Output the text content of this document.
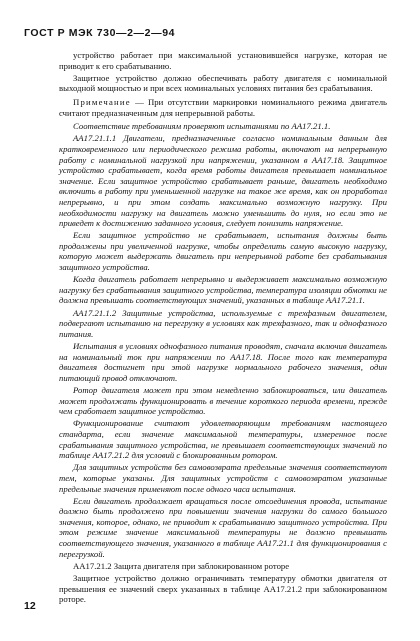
ГОСТ Р МЭК 730—2—2—94

устройство работает при максимальной установившейся нагрузке, которая не приводит к его срабатыванию.

Защитное устройство должно обеспечивать работу двигателя с номинальной выходной мощностью и при всех номинальных условиях питания без срабатывания.

Примечание — При отсутствии маркировки номинального режима двигатель считают предназначенным для непрерывной работы.

Соответствие требованиям проверяют испытаниями по АА17.21.1.

АА17.21.1.1 Двигатели, предназначенные согласно номинальным данным для кратковременного или периодического режима работы, включают на непрерывную работу с номинальной нагрузкой при напряжении, указанном в АА17.18. Защитное устройство срабатывает, когда время работы двигателя превышает номинальное значение. Если защитное устройство срабатывает раньше, двигатель необходимо включить в работу при уменьшенной нагрузке на такое же время, как он проработал непрерывно, и при этом создать максимально возможную нагрузку. При необходимости нагрузку на двигатель можно уменьшить до нуля, но если это не приведет к достижению заданного условия, следует понизить напряжение.

Если защитное устройство не срабатывает, испытания должны быть продолжены при увеличенной нагрузке, чтобы определить самую высокую нагрузку, которую может выдержать двигатель при непрерывной работе без срабатывания защитного устройства.

Когда двигатель работает непрерывно и выдерживает максимально возможную нагрузку без срабатывания защитного устройства, температура изоляции обмотки не должна превышать соответствующих значений, указанных в таблице АА17.21.1.

АА17.21.1.2 Защитные устройства, используемые с трехфазным двигателем, подвергают испытанию на перегрузку в условиях как трехфазного, так и однофазного питания.

Испытания в условиях однофазного питания проводят, сначала включив двигатель на номинальный ток при напряжении по АА17.18. После того как температура двигателя достигнет при этой нагрузке нормального рабочего значения, один питающий провод отключают.

Ротор двигателя может при этом немедленно заблокироваться, или двигатель может продолжать функционировать в течение короткого периода времени, прежде чем сработает защитное устройство.

Функционирование считают удовлетворяющим требованиям настоящего стандарта, если значение максимальной температуры, измеренное после срабатывания защитного устройства, не превышает соответствующих значений по таблице АА17.21.2 для условий с блокированным ротором.

Для защитных устройств без самовозврата предельные значения соответствуют тем, которые указаны. Для защитных устройств с самовозвратом указанные предельные значения применяют после одного часа испытания.

Если двигатель продолжает вращаться после отсоединения провода, испытание должно быть продолжено при повышении значения нагрузки до самого большого значения, которое, однако, не приводит к срабатыванию защитного устройства. При этом режиме значение максимальной температуры не должно превышать соответствующего значения, указанного в таблице АА17.21.1 для функционирования с перегрузкой.

АА17.21.2 Защита двигателя при заблокированном роторе

Защитное устройство должно ограничивать температуру обмотки двигателя от превышения ее значений сверх указанных в таблице АА17.21.2 при заблокированном роторе.

12
